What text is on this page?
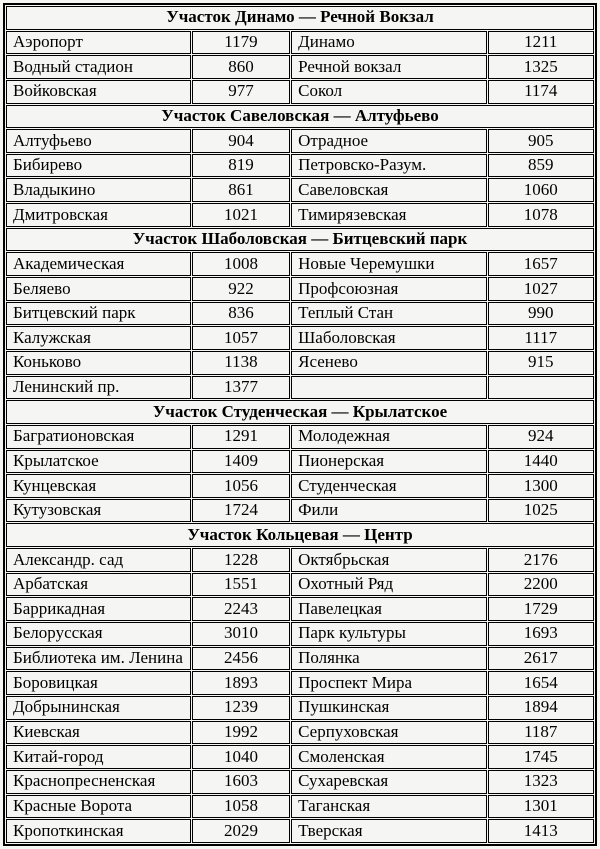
Участок Динамо — Речной Вокзал			
Аэропорт	1179	Динамо	1211
Водный стадион	860	Речной вокзал	1325
Войковская	977	Сокол	1174
Участок Савеловская — Алтуфьево			
Алтуфьево	904	Отрадное	905
Бибирево	819	Петровско-Разум.	859
Владыкино	861	Савеловская	1060
Дмитровская	1021	Тимирязевская	1078
Участок Шаболовская — Битцевский парк			
Академическая	1008	Новые Черемушки	1657
Беляево	922	Профсоюзная	1027
Битцевский парк	836	Теплый Стан	990
Калужская	1057	Шаболовская	1117
Коньково	1138	Ясенево	915
Ленинский пр.	1377		
Участок Студенческая — Крылатское			
Багратионовская	1291	Молодежная	924
Крылатское	1409	Пионерская	1440
Кунцевская	1056	Студенческая	1300
Кутузовская	1724	Фили	1025
Участок Кольцевая — Центр			
Александр. сад	1228	Октябрьская	2176
Арбатская	1551	Охотный Ряд	2200
Баррикадная	2243	Павелецкая	1729
Белорусская	3010	Парк культуры	1693
Библиотека им. Ленина	2456	Полянка	2617
Боровицкая	1893	Проспект Мира	1654
Добрынинская	1239	Пушкинская	1894
Киевская	1992	Серпуховская	1187
Китай-город	1040	Смоленская	1745
Краснопресненская	1603	Сухаревская	1323
Красные Ворота	1058	Таганская	1301
Кропоткинская	2029	Тверская	1413
